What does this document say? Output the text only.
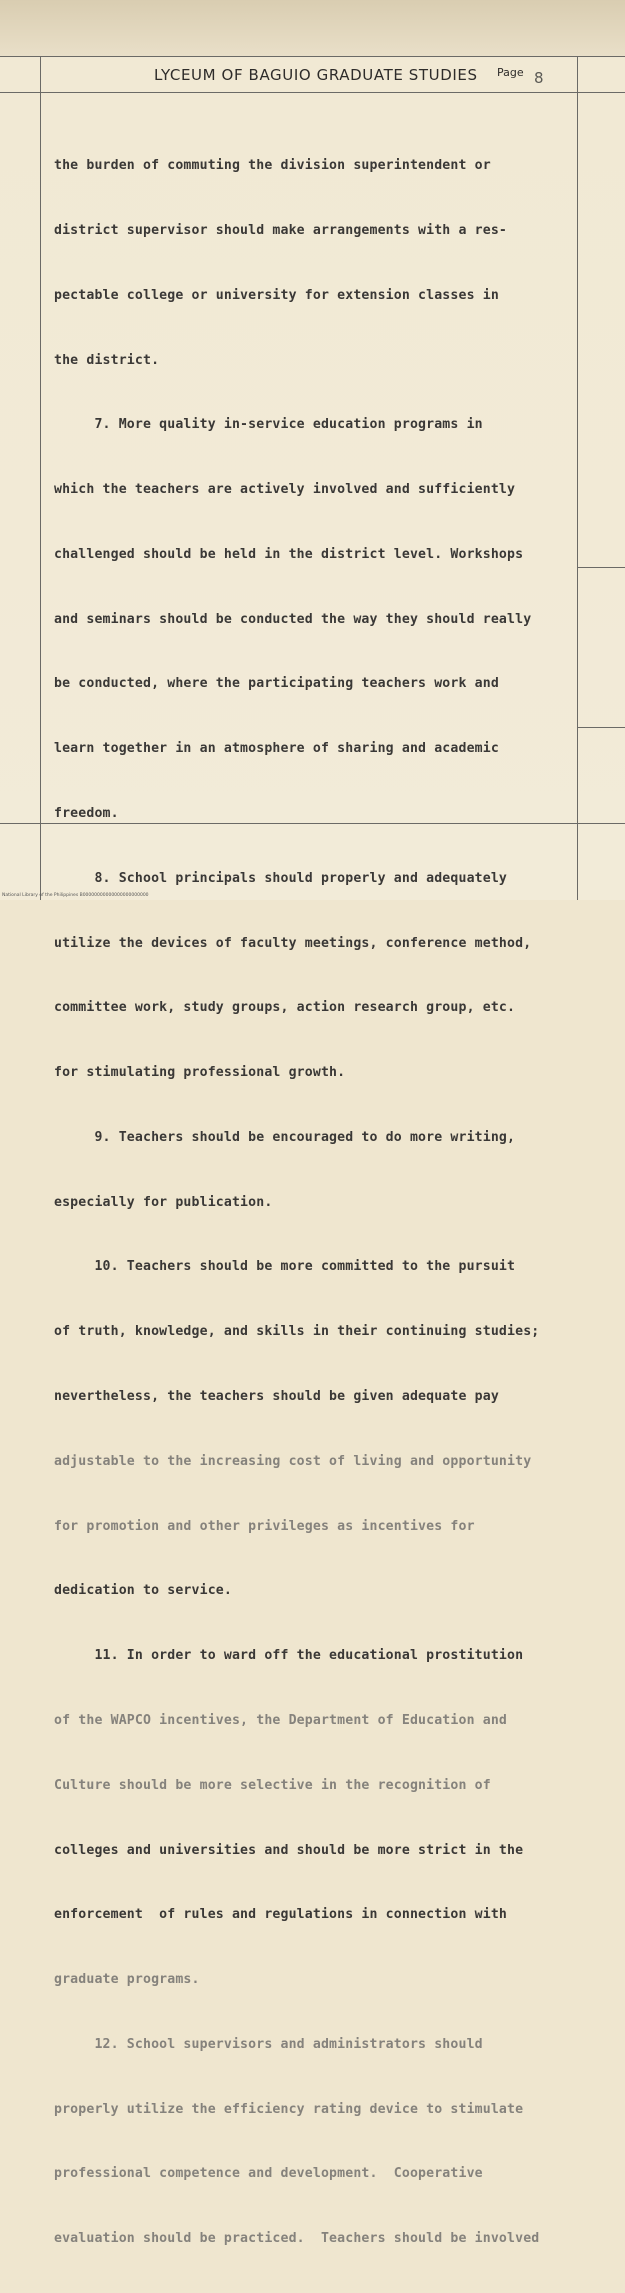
LYCEUM OF BAGUIO GRADUATE STUDIES Page 8

the burden of commuting the division superintendent or

district supervisor should make arrangements with a res-

pectable college or university for extension classes in

the district.

7. More quality in-service education programs in

which the teachers are actively involved and sufficiently

challenged should be held in the district level. Workshops

and seminars should be conducted the way they should really

be conducted, where the participating teachers work and

learn together in an atmosphere of sharing and academic

freedom.

8. School principals should properly and adequately

utilize the devices of faculty meetings, conference method,

committee work, study groups, action research group, etc.

for stimulating professional growth.

9. Teachers should be encouraged to do more writing,

especially for publication.

10. Teachers should be more committed to the pursuit

of truth, knowledge, and skills in their continuing studies;

nevertheless, the teachers should be given adequate pay

adjustable to the increasing cost of living and opportunity

for promotion and other privileges as incentives for

dedication to service.

11. In order to ward off the educational prostitution

of the WAPCO incentives, the Department of Education and

Culture should be more selective in the recognition of

colleges and universities and should be more strict in the

enforcement  of rules and regulations in connection with

graduate programs.

12. School supervisors and administrators should

properly utilize the efficiency rating device to stimulate

professional competence and development.  Cooperative

evaluation should be practiced.  Teachers should be involved

National Library of the Philippines B00000000000000000000000
